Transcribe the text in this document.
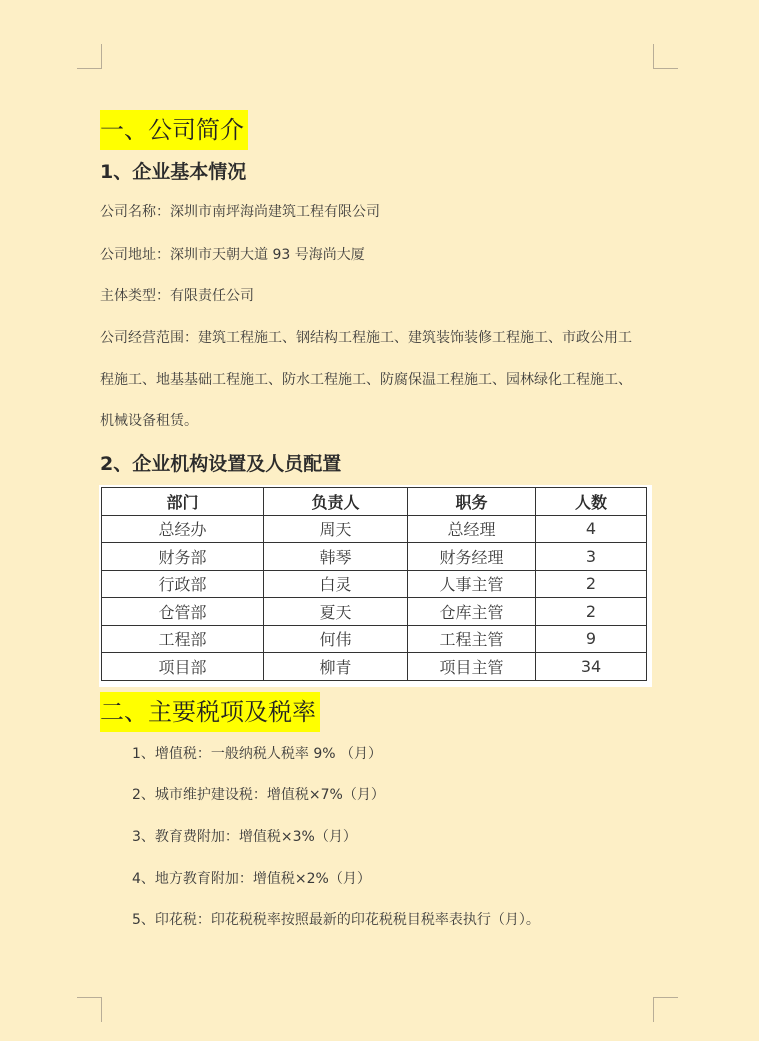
一、公司简介
1、企业基本情况
公司名称：深圳市南坪海尚建筑工程有限公司
公司地址：深圳市天朝大道 93 号海尚大厦
主体类型：有限责任公司
公司经营范围：建筑工程施工、钢结构工程施工、建筑装饰装修工程施工、市政公用工
程施工、地基基础工程施工、防水工程施工、防腐保温工程施工、园林绿化工程施工、
机械设备租赁。
2、企业机构设置及人员配置
部门	负责人	职务	人数
总经办	周天	总经理	4
财务部	韩琴	财务经理	3
行政部	白灵	人事主管	2
仓管部	夏天	仓库主管	2
工程部	何伟	工程主管	9
项目部	柳青	项目主管	34
二、主要税项及税率
1、增值税：一般纳税人税率 9% （月）
2、城市维护建设税：增值税×7%（月）
3、教育费附加：增值税×3%（月）
4、地方教育附加：增值税×2%（月）
5、印花税：印花税税率按照最新的印花税税目税率表执行（月）。
